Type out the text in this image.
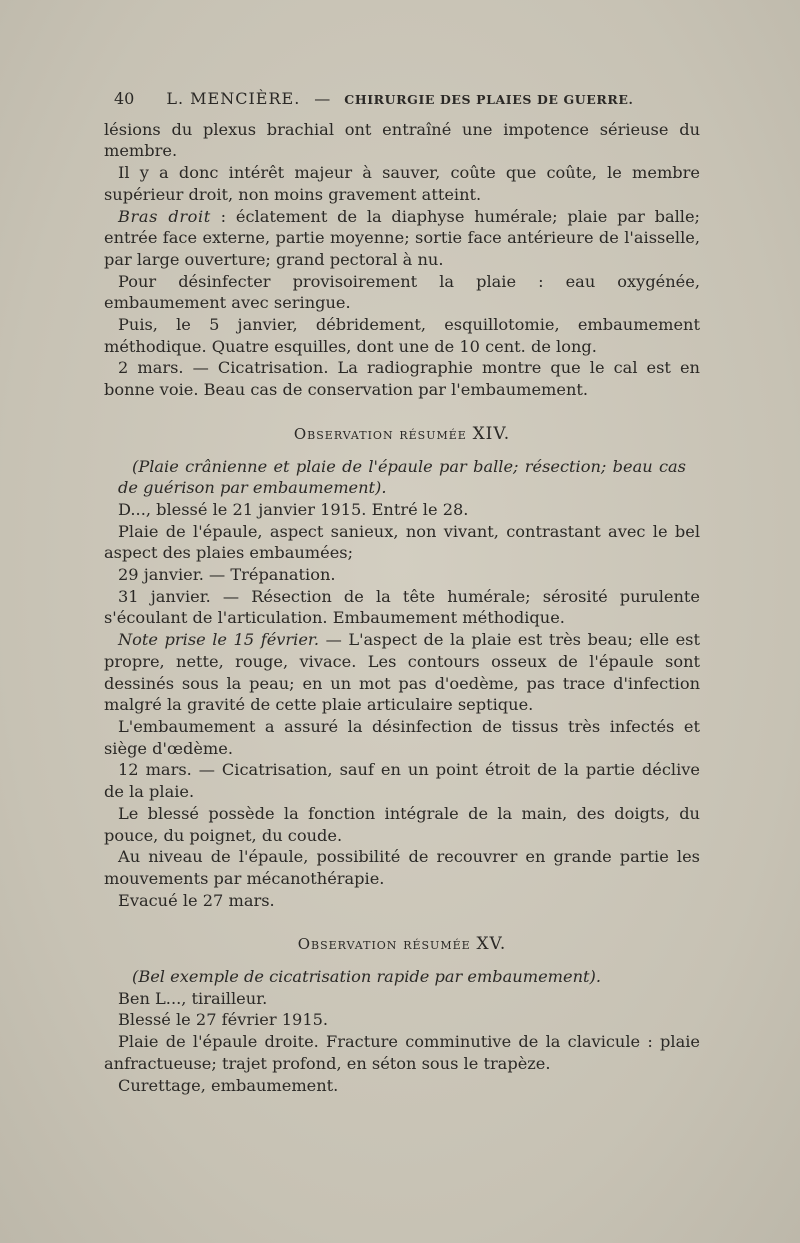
40 L. MENCIÈRE. — CHIRURGIE DES PLAIES DE GUERRE.

lésions du plexus brachial ont entraîné une impotence sérieuse du membre.

Il y a donc intérêt majeur à sauver, coûte que coûte, le membre supérieur droit, non moins gravement atteint.

Bras droit : éclatement de la diaphyse humérale; plaie par balle; entrée face externe, partie moyenne; sortie face antérieure de l'aisselle, par large ouverture; grand pectoral à nu.

Pour désinfecter provisoirement la plaie : eau oxygénée, embaumement avec seringue.

Puis, le 5 janvier, débridement, esquillotomie, embaumement méthodique. Quatre esquilles, dont une de 10 cent. de long.

2 mars. — Cicatrisation. La radiographie montre que le cal est en bonne voie. Beau cas de conservation par l'embaumement.

Observation résumée XIV.

(Plaie crânienne et plaie de l'épaule par balle; résection; beau cas de guérison par embaumement).

D..., blessé le 21 janvier 1915. Entré le 28.

Plaie de l'épaule, aspect sanieux, non vivant, contrastant avec le bel aspect des plaies embaumées;

29 janvier. — Trépanation.

31 janvier. — Résection de la tête humérale; sérosité purulente s'écoulant de l'articulation. Embaumement méthodique.

Note prise le 15 février. — L'aspect de la plaie est très beau; elle est propre, nette, rouge, vivace. Les contours osseux de l'épaule sont dessinés sous la peau; en un mot pas d'oedème, pas trace d'infection malgré la gravité de cette plaie articulaire septique.

L'embaumement a assuré la désinfection de tissus très infectés et siège d'œdème.

12 mars. — Cicatrisation, sauf en un point étroit de la partie déclive de la plaie.

Le blessé possède la fonction intégrale de la main, des doigts, du pouce, du poignet, du coude.

Au niveau de l'épaule, possibilité de recouvrer en grande partie les mouvements par mécanothérapie.

Evacué le 27 mars.

Observation résumée XV.

(Bel exemple de cicatrisation rapide par embaumement).

Ben L..., tirailleur.

Blessé le 27 février 1915.

Plaie de l'épaule droite. Fracture comminutive de la clavicule : plaie anfractueuse; trajet profond, en séton sous le trapèze.

Curettage, embaumement.
